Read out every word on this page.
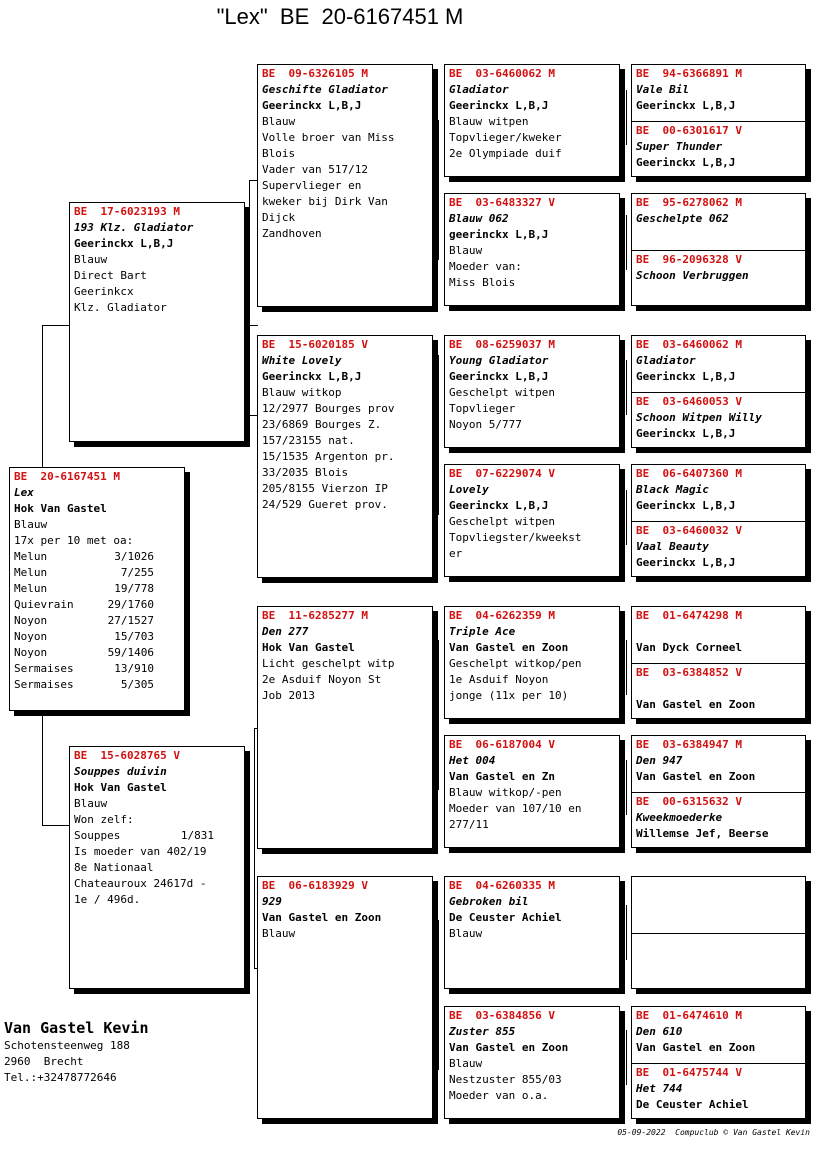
"Lex"  BE  20-6167451 M
BE  20-6167451 M
Lex
Hok Van Gastel
Blauw
17x per 10 met oa:
Melun	3/1026
Melun	7/255
Melun	19/778
Quievrain	29/1760
Noyon	27/1527
Noyon	15/703
Noyon	59/1406
Sermaises	13/910
Sermaises	5/305
BE  17-6023193 M
193 Klz. Gladiator
Geerinckx L,B,J
Blauw
Direct Bart
Geerinkcx
Klz. Gladiator
BE  15-6028765 V
Souppes duivin
Hok Van Gastel
Blauw
Won zelf:
Souppes	1/831
Is moeder van 402/19
8e Nationaal
Chateauroux 24617d -
1e / 496d.
BE  09-6326105 M
Geschifte Gladiator
Geerinckx L,B,J
Blauw
Volle broer van Miss
Blois
Vader van 517/12
Supervlieger en
kweker bij Dirk Van
Dijck
Zandhoven
BE  15-6020185 V
White Lovely
Geerinckx L,B,J
Blauw witkop
12/2977 Bourges prov
23/6869 Bourges Z.
157/23155 nat.
15/1535 Argenton pr.
33/2035 Blois
205/8155 Vierzon IP
24/529 Gueret prov.
BE  11-6285277 M
Den 277
Hok Van Gastel
Licht geschelpt witp
2e Asduif Noyon St
Job 2013
BE  06-6183929 V
929
Van Gastel en Zoon
Blauw
BE  03-6460062 M
Gladiator
Geerinckx L,B,J
Blauw witpen
Topvlieger/kweker
2e Olympiade duif
BE  03-6483327 V
Blauw 062
geerinckx L,B,J
Blauw
Moeder van:
Miss Blois
BE  08-6259037 M
Young Gladiator
Geerinckx L,B,J
Geschelpt witpen
Topvlieger
Noyon 5/777
BE  07-6229074 V
Lovely
Geerinckx L,B,J
Geschelpt witpen
Topvliegster/kweekst
er
BE  04-6262359 M
Triple Ace
Van Gastel en Zoon
Geschelpt witkop/pen
1e Asduif Noyon
jonge (11x per 10)
BE  06-6187004 V
Het 004
Van Gastel en Zn
Blauw witkop/-pen
Moeder van 107/10 en
277/11
BE  04-6260335 M
Gebroken bil
De Ceuster Achiel
Blauw
BE  03-6384856 V
Zuster 855
Van Gastel en Zoon
Blauw
Nestzuster 855/03
Moeder van o.a.
BE  94-6366891 M
Vale Bil
Geerinckx L,B,J
BE  00-6301617 V
Super Thunder
Geerinckx L,B,J
BE  95-6278062 M
Geschelpte 062
BE  96-2096328 V
Schoon Verbruggen
BE  03-6460062 M
Gladiator
Geerinckx L,B,J
BE  03-6460053 V
Schoon Witpen Willy
Geerinckx L,B,J
BE  06-6407360 M
Black Magic
Geerinckx L,B,J
BE  03-6460032 V
Vaal Beauty
Geerinckx L,B,J
BE  01-6474298 M

Van Dyck Corneel
BE  03-6384852 V

Van Gastel en Zoon
BE  03-6384947 M
Den 947
Van Gastel en Zoon
BE  00-6315632 V
Kweekmoederke
Willemse Jef, Beerse
BE  01-6474610 M
Den 610
Van Gastel en Zoon
BE  01-6475744 V
Het 744
De Ceuster Achiel
Van Gastel Kevin
Schotensteenweg 188
2960  Brecht
Tel.:+32478772646
05-09-2022  Compuclub © Van Gastel Kevin
